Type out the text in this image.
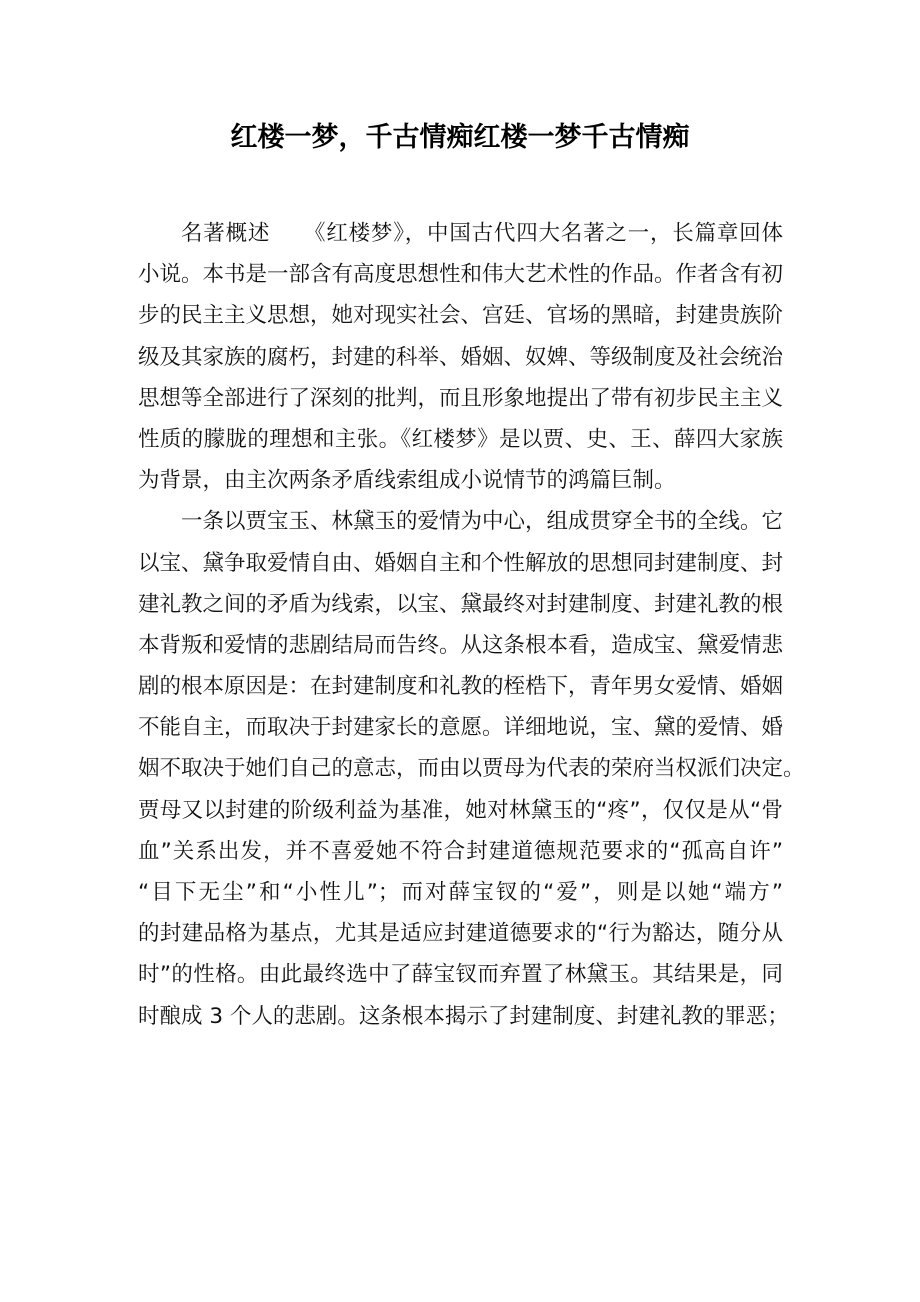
红楼一梦，千古情痴红楼一梦千古情痴

名著概述　　《红楼梦》，中国古代四大名著之一，长篇章回体
小说。本书是一部含有高度思想性和伟大艺术性的作品。作者含有初
步的民主主义思想，她对现实社会、宫廷、官场的黑暗，封建贵族阶
级及其家族的腐朽，封建的科举、婚姻、奴婢、等级制度及社会统治
思想等全部进行了深刻的批判，而且形象地提出了带有初步民主主义
性质的朦胧的理想和主张。《红楼梦》是以贾、史、王、薛四大家族
为背景，由主次两条矛盾线索组成小说情节的鸿篇巨制。

一条以贾宝玉、林黛玉的爱情为中心，组成贯穿全书的全线。它
以宝、黛争取爱情自由、婚姻自主和个性解放的思想同封建制度、封
建礼教之间的矛盾为线索，以宝、黛最终对封建制度、封建礼教的根
本背叛和爱情的悲剧结局而告终。从这条根本看，造成宝、黛爱情悲
剧的根本原因是：在封建制度和礼教的桎梏下，青年男女爱情、婚姻
不能自主，而取决于封建家长的意愿。详细地说，宝、黛的爱情、婚
姻不取决于她们自己的意志，而由以贾母为代表的荣府当权派们决定。
贾母又以封建的阶级利益为基准，她对林黛玉的“疼”，仅仅是从“骨
血”关系出发，并不喜爱她不符合封建道德规范要求的“孤高自许”
“目下无尘”和“小性儿”；而对薛宝钗的“爱”，则是以她“端方”
的封建品格为基点，尤其是适应封建道德要求的“行为豁达，随分从
时”的性格。由此最终选中了薛宝钗而弃置了林黛玉。其结果是，同
时酿成 3 个人的悲剧。这条根本揭示了封建制度、封建礼教的罪恶；
